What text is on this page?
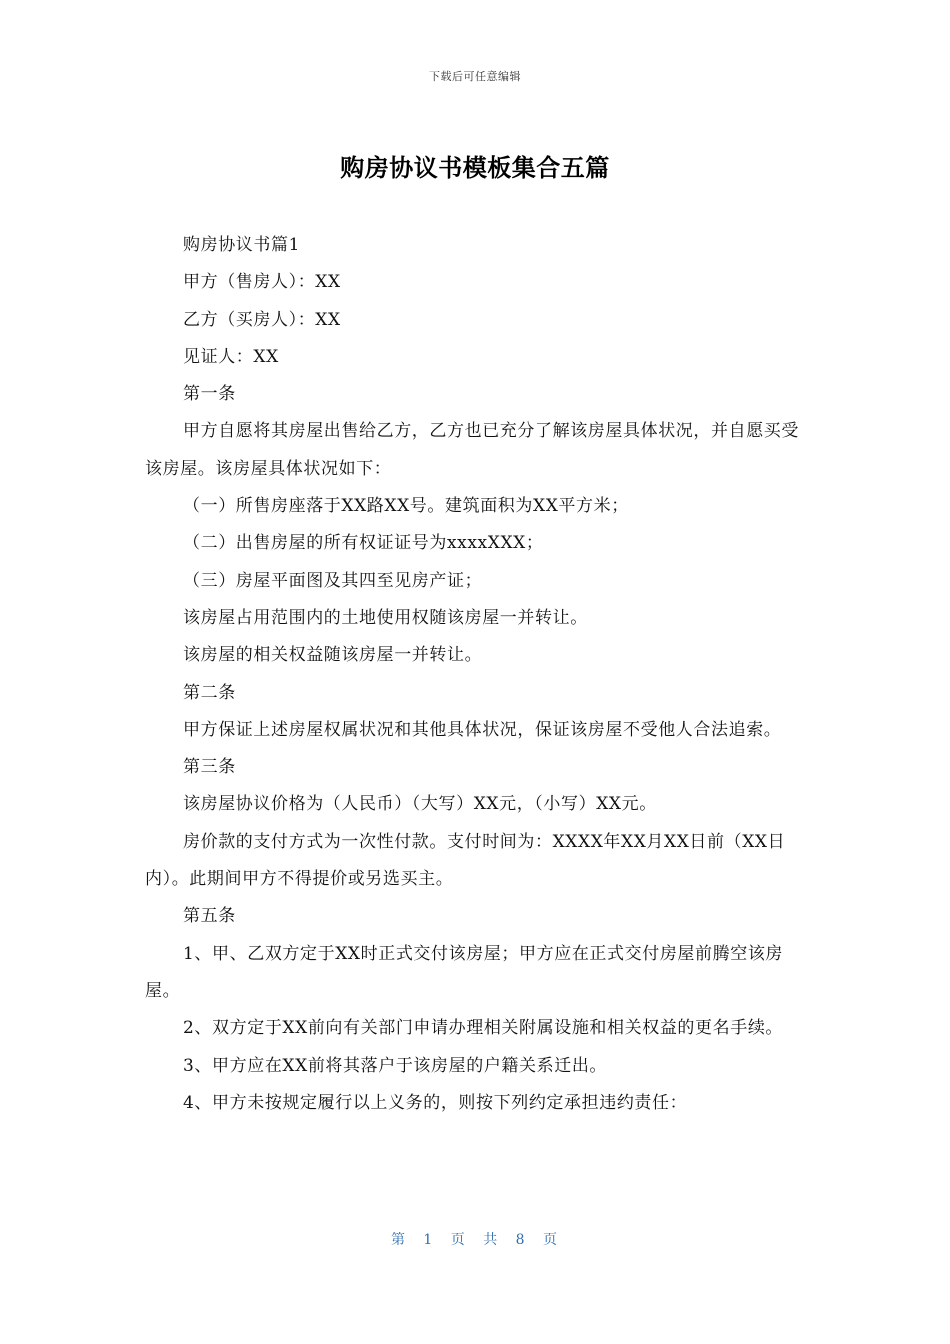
下载后可任意编辑
购房协议书模板集合五篇

购房协议书篇1

甲方（售房人）：XX

乙方（买房人）：XX

见证人：XX

第一条

甲方自愿将其房屋出售给乙方，乙方也已充分了解该房屋具体状况，并自愿买受该房屋。该房屋具体状况如下：

（一）所售房座落于XX路XX号。建筑面积为XX平方米；

（二）出售房屋的所有权证证号为xxxxXXX；

（三）房屋平面图及其四至见房产证；

该房屋占用范围内的土地使用权随该房屋一并转让。

该房屋的相关权益随该房屋一并转让。

第二条

甲方保证上述房屋权属状况和其他具体状况，保证该房屋不受他人合法追索。

第三条

该房屋协议价格为（人民币）（大写）XX元，（小写）XX元。

房价款的支付方式为一次性付款。支付时间为：XXXX年XX月XX日前（XX日内）。此期间甲方不得提价或另选买主。

第五条

1、甲、乙双方定于XX时正式交付该房屋；甲方应在正式交付房屋前腾空该房屋。

2、双方定于XX前向有关部门申请办理相关附属设施和相关权益的更名手续。

3、甲方应在XX前将其落户于该房屋的户籍关系迁出。

4、甲方未按规定履行以上义务的，则按下列约定承担违约责任：

第 1 页 共 8 页
